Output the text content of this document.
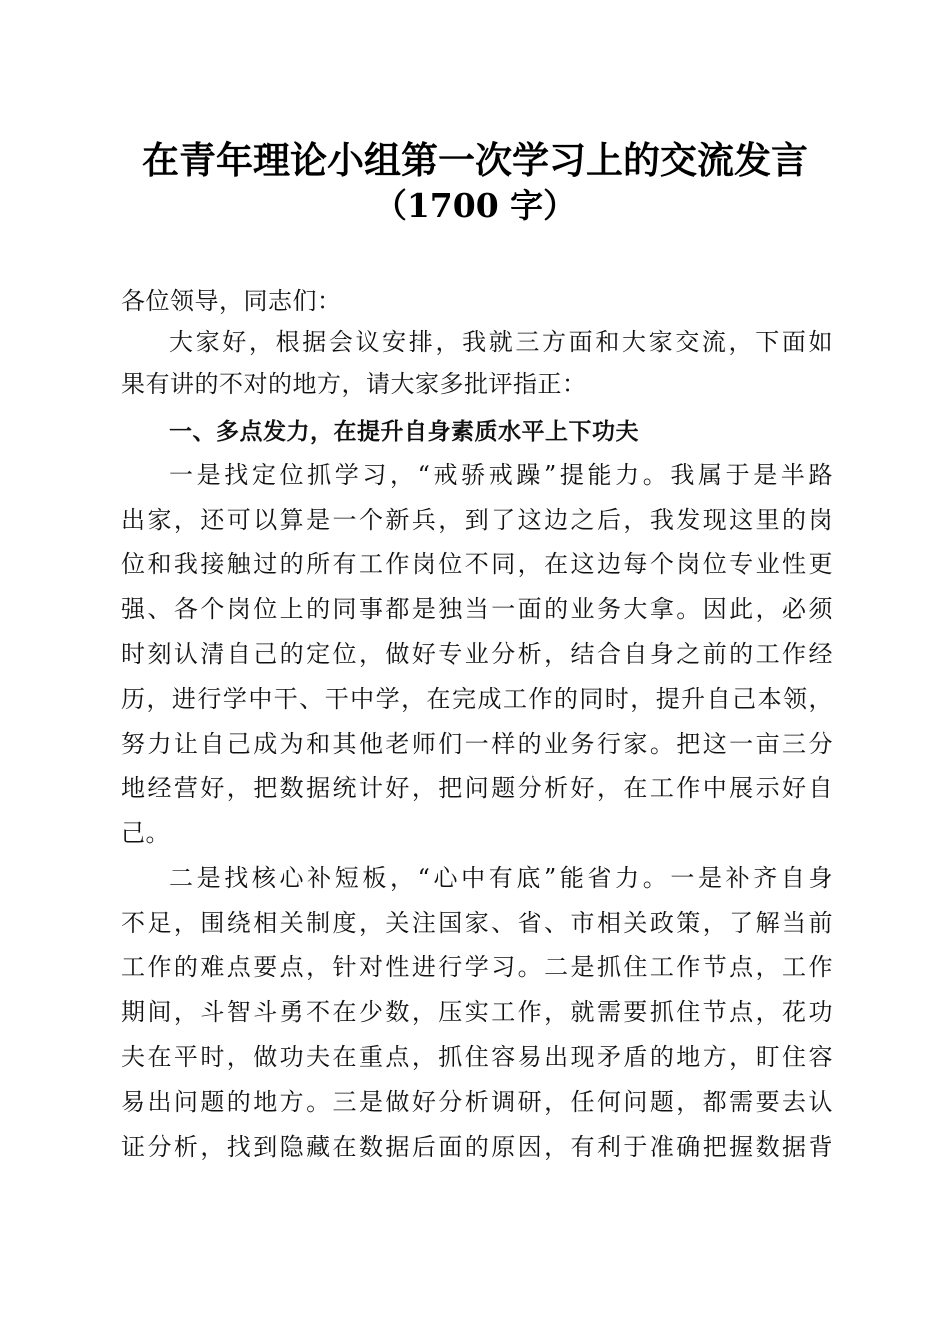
在青年理论小组第一次学习上的交流发言
（1700 字）
各位领导，同志们：
大家好，根据会议安排，我就三方面和大家交流，下面如
果有讲的不对的地方，请大家多批评指正：
一、多点发力，在提升自身素质水平上下功夫
一是找定位抓学习，“戒骄戒躁”提能力。我属于是半路
出家，还可以算是一个新兵，到了这边之后，我发现这里的岗
位和我接触过的所有工作岗位不同，在这边每个岗位专业性更
强、各个岗位上的同事都是独当一面的业务大拿。因此，必须
时刻认清自己的定位，做好专业分析，结合自身之前的工作经
历，进行学中干、干中学，在完成工作的同时，提升自己本领，
努力让自己成为和其他老师们一样的业务行家。把这一亩三分
地经营好，把数据统计好，把问题分析好，在工作中展示好自
己。
二是找核心补短板，“心中有底”能省力。一是补齐自身
不足，围绕相关制度，关注国家、省、市相关政策，了解当前
工作的难点要点，针对性进行学习。二是抓住工作节点，工作
期间，斗智斗勇不在少数，压实工作，就需要抓住节点，花功
夫在平时，做功夫在重点，抓住容易出现矛盾的地方，盯住容
易出问题的地方。三是做好分析调研，任何问题，都需要去认
证分析，找到隐藏在数据后面的原因，有利于准确把握数据背
